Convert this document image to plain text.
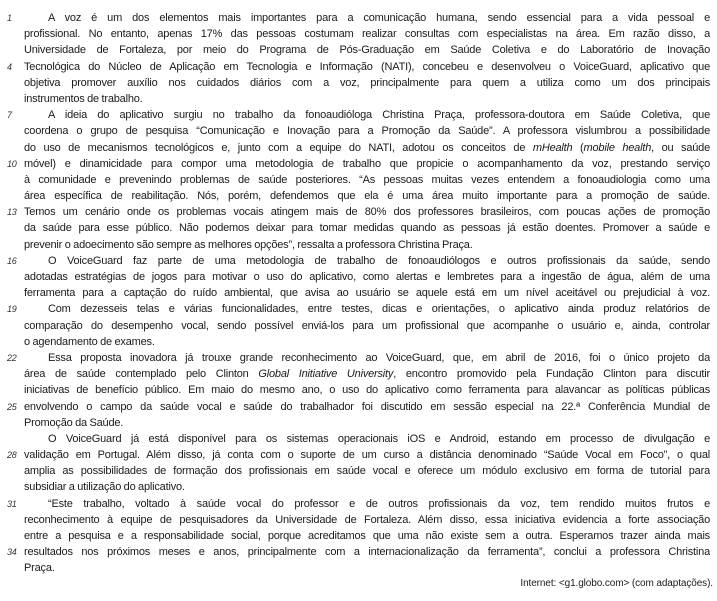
1	A voz é um dos elementos mais importantes para a comunicação humana, sendo essencial para a vida pessoal e
profissional. No entanto, apenas 17% das pessoas costumam realizar consultas com especialistas na área. Em razão disso, a
Universidade de Fortaleza, por meio do Programa de Pós-Graduação em Saúde Coletiva e do Laboratório de Inovação
4	Tecnológica do Núcleo de Aplicação em Tecnologia e Informação (NATI), concebeu e desenvolveu o VoiceGuard, aplicativo que
objetiva promover auxílio nos cuidados diários com a voz, principalmente para quem a utiliza como um dos principais
instrumentos de trabalho.
7	A ideia do aplicativo surgiu no trabalho da fonoaudióloga Christina Praça, professora-doutora em Saúde Coletiva, que
coordena o grupo de pesquisa “Comunicação e Inovação para a Promoção da Saúde”. A professora vislumbrou a possibilidade
do uso de mecanismos tecnológicos e, junto com a equipe do NATI, adotou os conceitos de mHealth (mobile health, ou saúde
10 móvel) e dinamicidade para compor uma metodologia de trabalho que propicie o acompanhamento da voz, prestando serviço
à comunidade e prevenindo problemas de saúde posteriores. “As pessoas muitas vezes entendem a fonoaudiologia como uma
área específica de reabilitação. Nós, porém, defendemos que ela é uma área muito importante para a promoção de saúde.
13 Temos um cenário onde os problemas vocais atingem mais de 80% dos professores brasileiros, com poucas ações de promoção
da saúde para esse público. Não podemos deixar para tomar medidas quando as pessoas já estão doentes. Promover a saúde e
prevenir o adoecimento são sempre as melhores opções”, ressalta a professora Christina Praça.
16	O VoiceGuard faz parte de uma metodologia de trabalho de fonoaudiólogos e outros profissionais da saúde, sendo
adotadas estratégias de jogos para motivar o uso do aplicativo, como alertas e lembretes para a ingestão de água, além de uma
ferramenta para a captação do ruído ambiental, que avisa ao usuário se aquele está em um nível aceitável ou prejudicial à voz.
19	Com dezesseis telas e várias funcionalidades, entre testes, dicas e orientações, o aplicativo ainda produz relatórios de
comparação do desempenho vocal, sendo possível enviá-los para um profissional que acompanhe o usuário e, ainda, controlar
o agendamento de exames.
22	Essa proposta inovadora já trouxe grande reconhecimento ao VoiceGuard, que, em abril de 2016, foi o único projeto da
área de saúde contemplado pelo Clinton Global Initiative University, encontro promovido pela Fundação Clinton para discutir
iniciativas de benefício público. Em maio do mesmo ano, o uso do aplicativo como ferramenta para alavancar as políticas públicas
25 envolvendo o campo da saúde vocal e saúde do trabalhador foi discutido em sessão especial na 22.ª Conferência Mundial de
Promoção da Saúde.
O VoiceGuard já está disponível para os sistemas operacionais iOS e Android, estando em processo de divulgação e
28 validação em Portugal. Além disso, já conta com o suporte de um curso a distância denominado “Saúde Vocal em Foco”, o qual
amplia as possibilidades de formação dos profissionais em saúde vocal e oferece um módulo exclusivo em forma de tutorial para
subsidiar a utilização do aplicativo.
31	“Este trabalho, voltado à saúde vocal do professor e de outros profissionais da voz, tem rendido muitos frutos e
reconhecimento à equipe de pesquisadores da Universidade de Fortaleza. Além disso, essa iniciativa evidencia a forte associação
entre a pesquisa e a responsabilidade social, porque acreditamos que uma não existe sem a outra. Esperamos trazer ainda mais
34 resultados nos próximos meses e anos, principalmente com a internacionalização da ferramenta”, conclui a professora Christina
Praça.
Internet: <g1.globo.com> (com adaptações).
